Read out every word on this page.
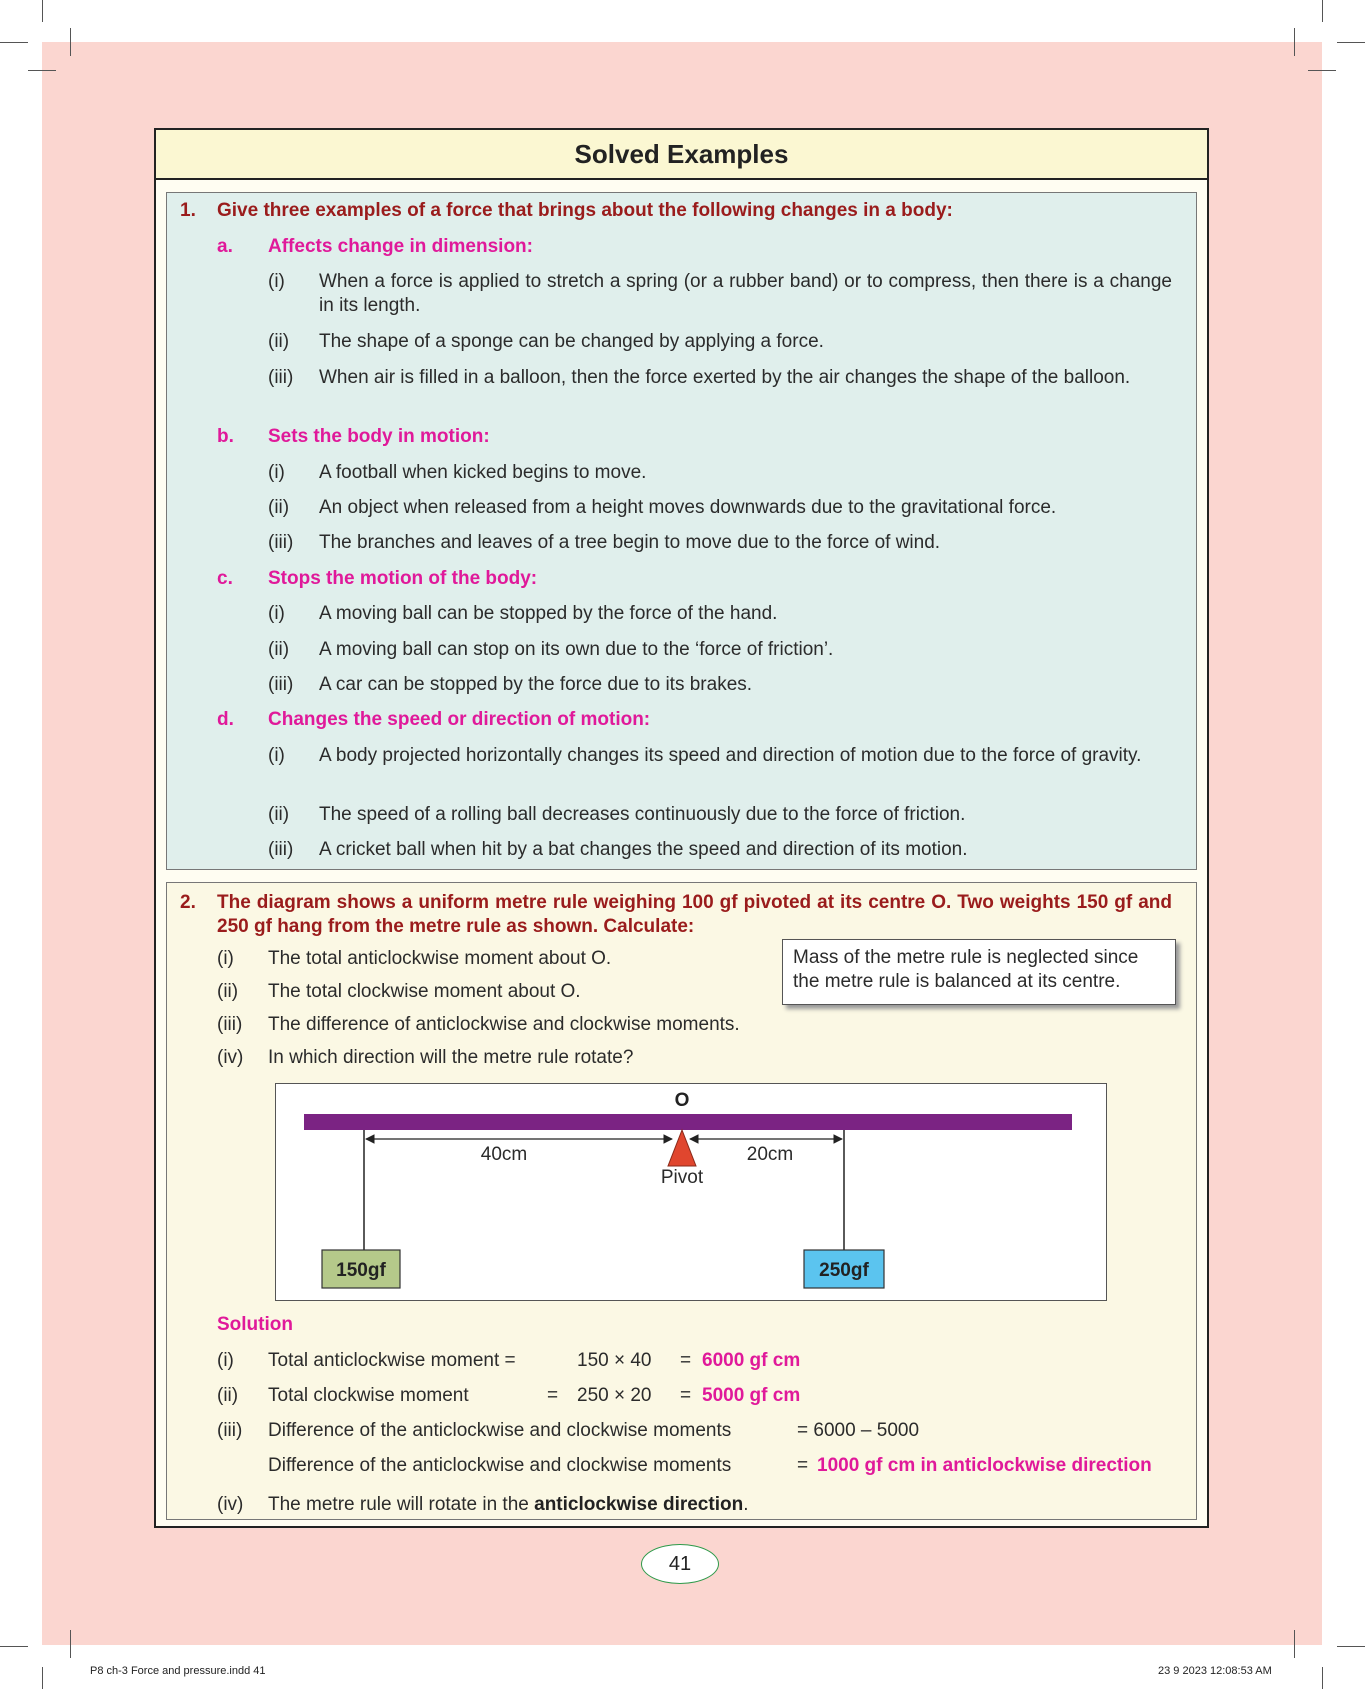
Solved Examples
1. Give three examples of a force that brings about the following changes in a body:
a. Affects change in dimension:
(i) When a force is applied to stretch a spring (or a rubber band) or to compress, then there is a change in its length.
(ii) The shape of a sponge can be changed by applying a force.
(iii) When air is filled in a balloon, then the force exerted by the air changes the shape of the balloon.
b. Sets the body in motion:
(i) A football when kicked begins to move.
(ii) An object when released from a height moves downwards due to the gravitational force.
(iii) The branches and leaves of a tree begin to move due to the force of wind.
c. Stops the motion of the body:
(i) A moving ball can be stopped by the force of the hand.
(ii) A moving ball can stop on its own due to the ‘force of friction’.
(iii) A car can be stopped by the force due to its brakes.
d. Changes the speed or direction of motion:
(i) A body projected horizontally changes its speed and direction of motion due to the force of gravity.
(ii) The speed of a rolling ball decreases continuously due to the force of friction.
(iii) A cricket ball when hit by a bat changes the speed and direction of its motion.
2. The diagram shows a uniform metre rule weighing 100 gf pivoted at its centre O. Two weights 150 gf and 250 gf hang from the metre rule as shown. Calculate:
(i) The total anticlockwise moment about O.
(ii) The total clockwise moment about O.
(iii) The difference of anticlockwise and clockwise moments.
(iv) In which direction will the metre rule rotate?
Mass of the metre rule is neglected since the metre rule is balanced at its centre.
O
40cm	20cm
Pivot
150gf	250gf
Solution
(i) Total anticlockwise moment =	150 × 40 = 6000 gf cm
(ii) Total clockwise moment	= 250 × 20 = 5000 gf cm
(iii) Difference of the anticlockwise and clockwise moments	= 6000 – 5000
Difference of the anticlockwise and clockwise moments	= 1000 gf cm in anticlockwise direction
(iv) The metre rule will rotate in the anticlockwise direction.
41
P8 ch-3 Force and pressure.indd 41	23 9 2023 12:08:53 AM
